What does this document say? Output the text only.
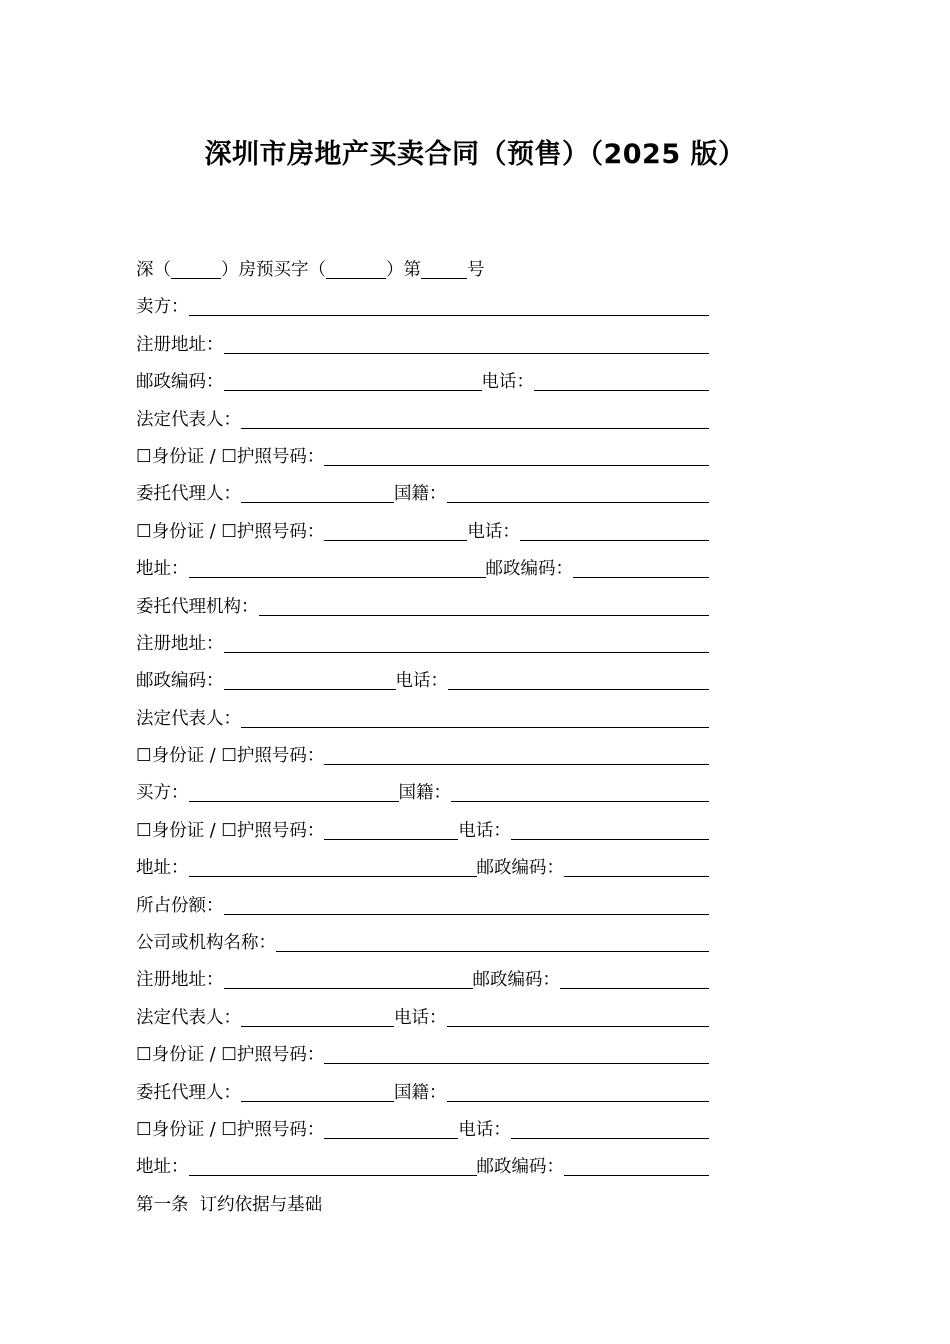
深圳市房地产买卖合同（预售）（2025 版）
深（	）房预买字（	）第	号
卖方：
注册地址：
邮政编码：	电话：
法定代表人：
☐身份证 / ☐护照号码：
委托代理人：	国籍：
☐身份证 / ☐护照号码：	电话：
地址：	邮政编码：
委托代理机构：
注册地址：
邮政编码：	电话：
法定代表人：
☐身份证 / ☐护照号码：
买方：	国籍：
☐身份证 / ☐护照号码：	电话：
地址：	邮政编码：
所占份额：
公司或机构名称：
注册地址：	邮政编码：
法定代表人：	电话：
☐身份证 / ☐护照号码：
委托代理人：	国籍：
☐身份证 / ☐护照号码：	电话：
地址：	邮政编码：
第一条  订约依据与基础
